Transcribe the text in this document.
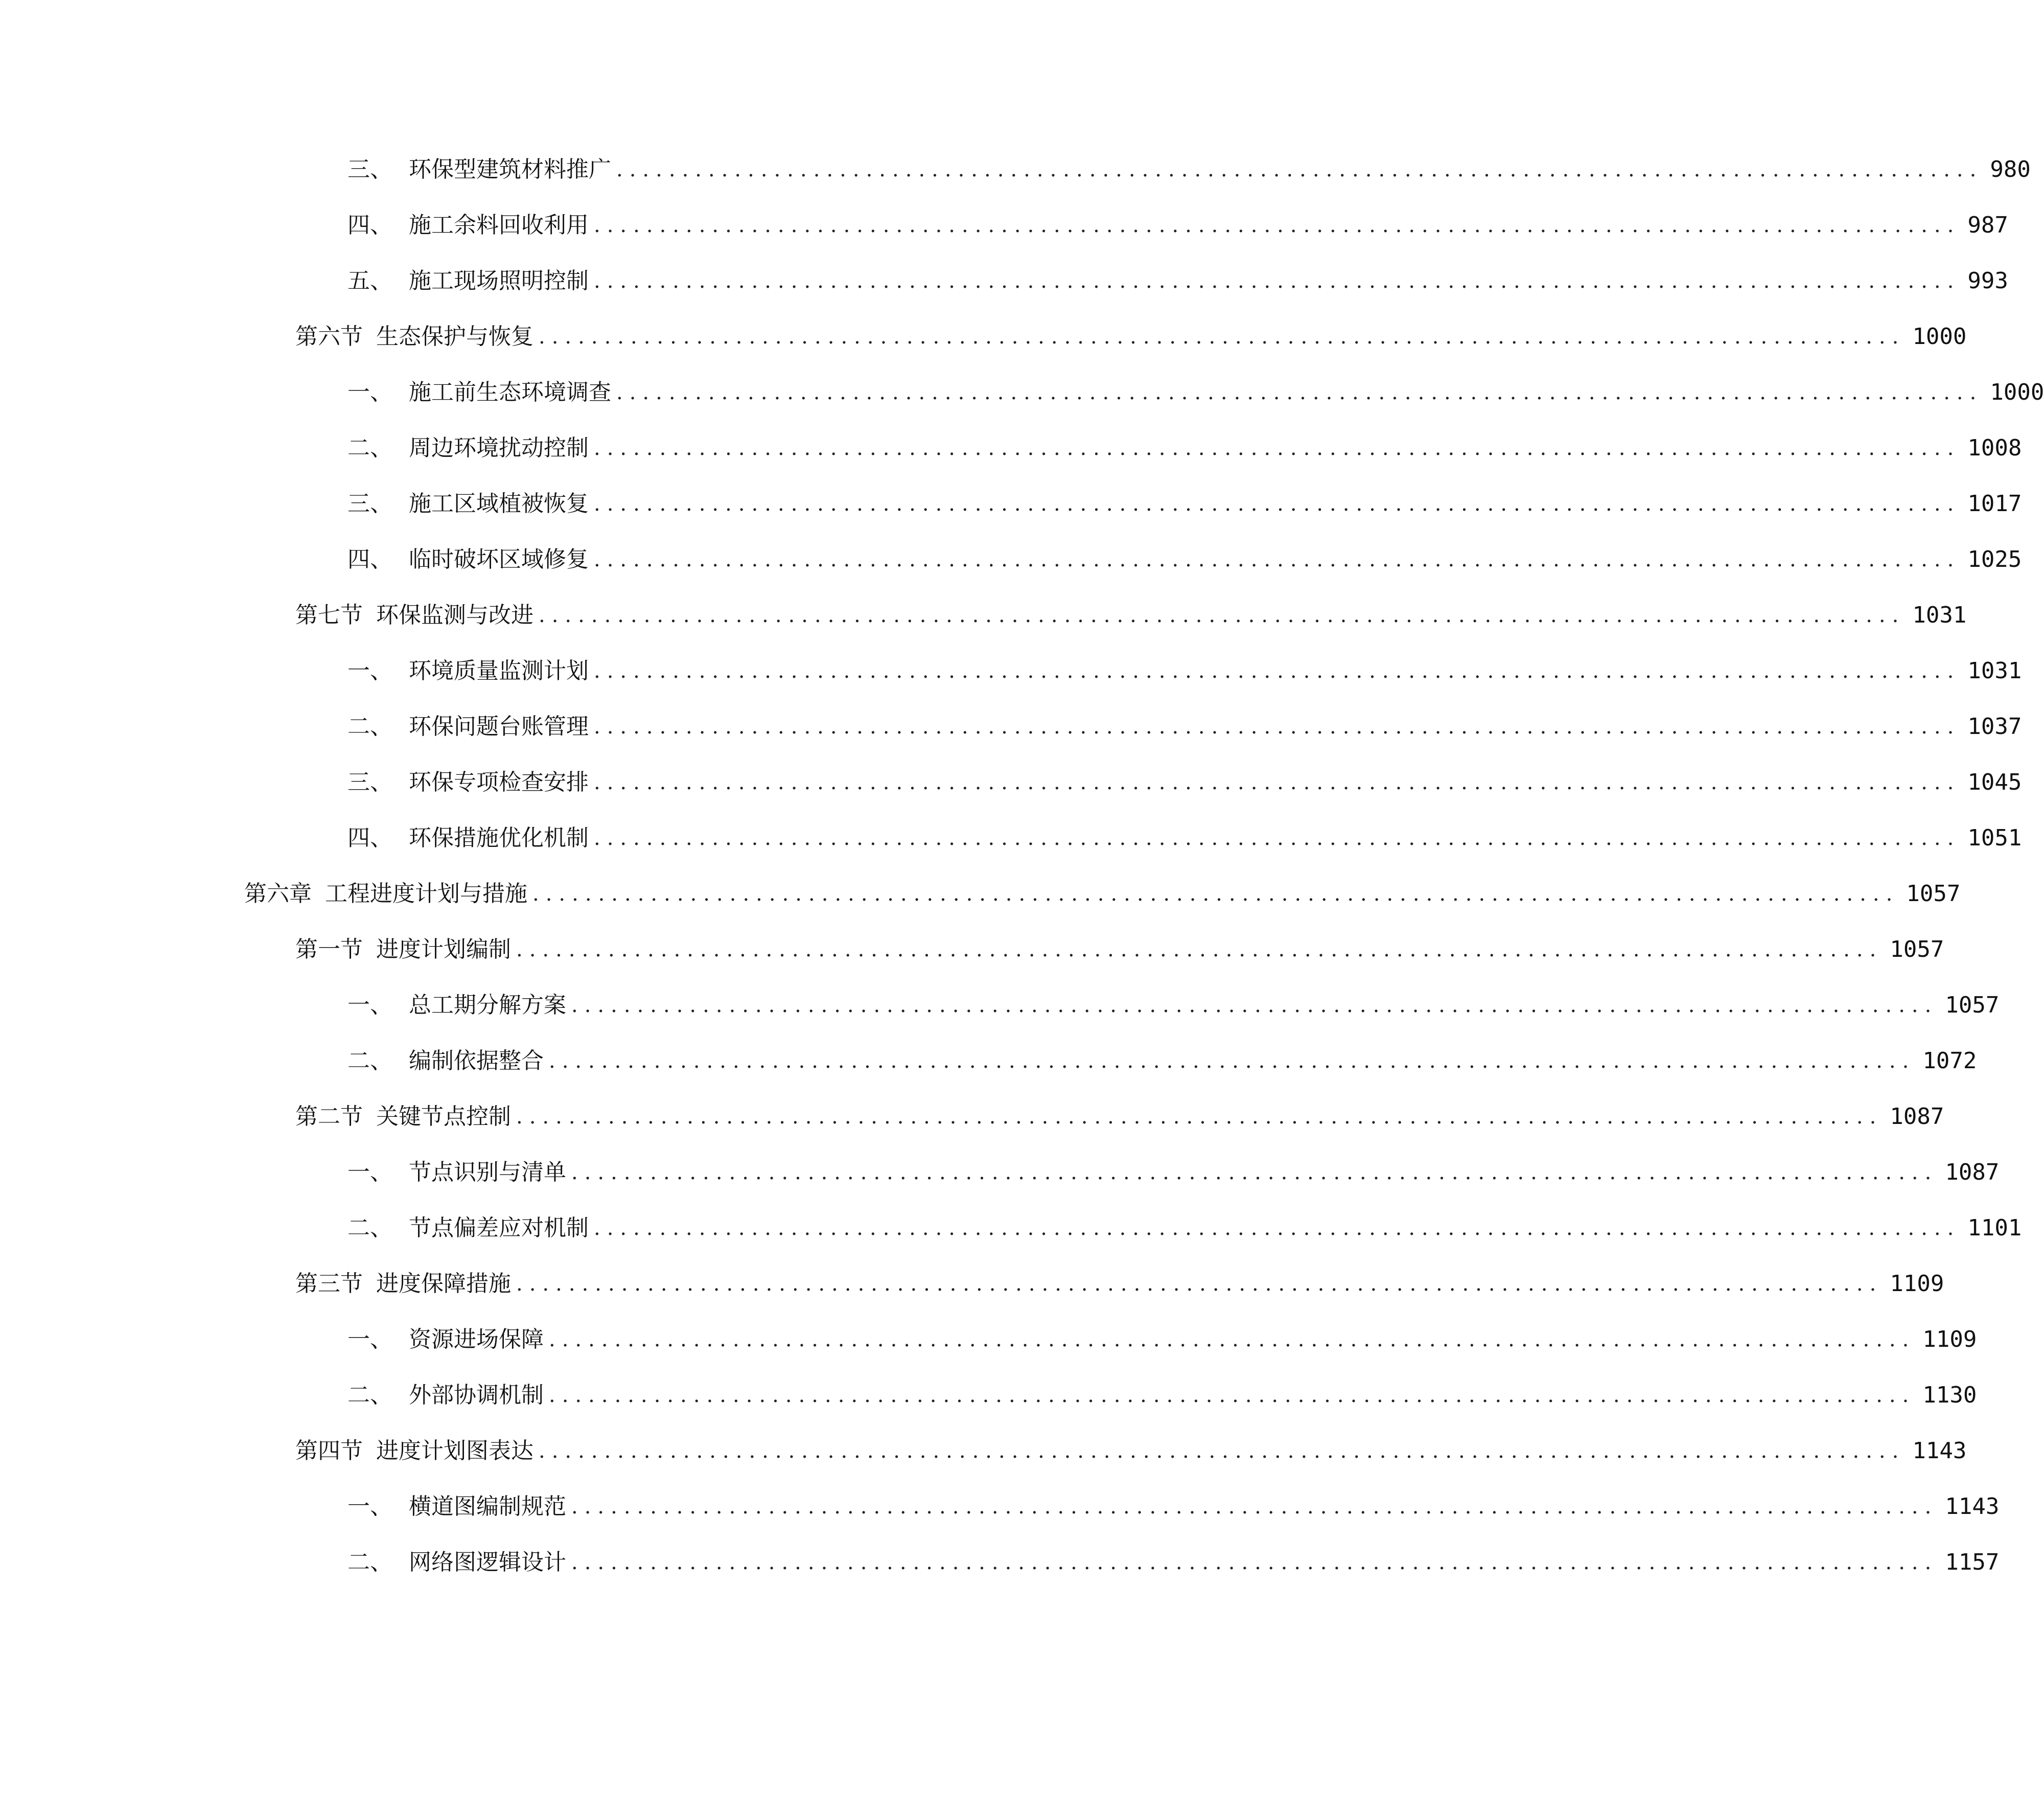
三、 环保型建筑材料推广 ........................................................................................................ 980
四、 施工余料回收利用 ........................................................................................................ 987
五、 施工现场照明控制 ........................................................................................................ 993
第六节 生态保护与恢复 ........................................................................................................ 1000
一、 施工前生态环境调查 ........................................................................................................ 1000
二、 周边环境扰动控制 ........................................................................................................ 1008
三、 施工区域植被恢复 ........................................................................................................ 1017
四、 临时破坏区域修复 ........................................................................................................ 1025
第七节 环保监测与改进 ........................................................................................................ 1031
一、 环境质量监测计划 ........................................................................................................ 1031
二、 环保问题台账管理 ........................................................................................................ 1037
三、 环保专项检查安排 ........................................................................................................ 1045
四、 环保措施优化机制 ........................................................................................................ 1051
第六章 工程进度计划与措施 ........................................................................................................ 1057
第一节 进度计划编制 ........................................................................................................ 1057
一、 总工期分解方案 ........................................................................................................ 1057
二、 编制依据整合 ........................................................................................................ 1072
第二节 关键节点控制 ........................................................................................................ 1087
一、 节点识别与清单 ........................................................................................................ 1087
二、 节点偏差应对机制 ........................................................................................................ 1101
第三节 进度保障措施 ........................................................................................................ 1109
一、 资源进场保障 ........................................................................................................ 1109
二、 外部协调机制 ........................................................................................................ 1130
第四节 进度计划图表达 ........................................................................................................ 1143
一、 横道图编制规范 ........................................................................................................ 1143
二、 网络图逻辑设计 ........................................................................................................ 1157
